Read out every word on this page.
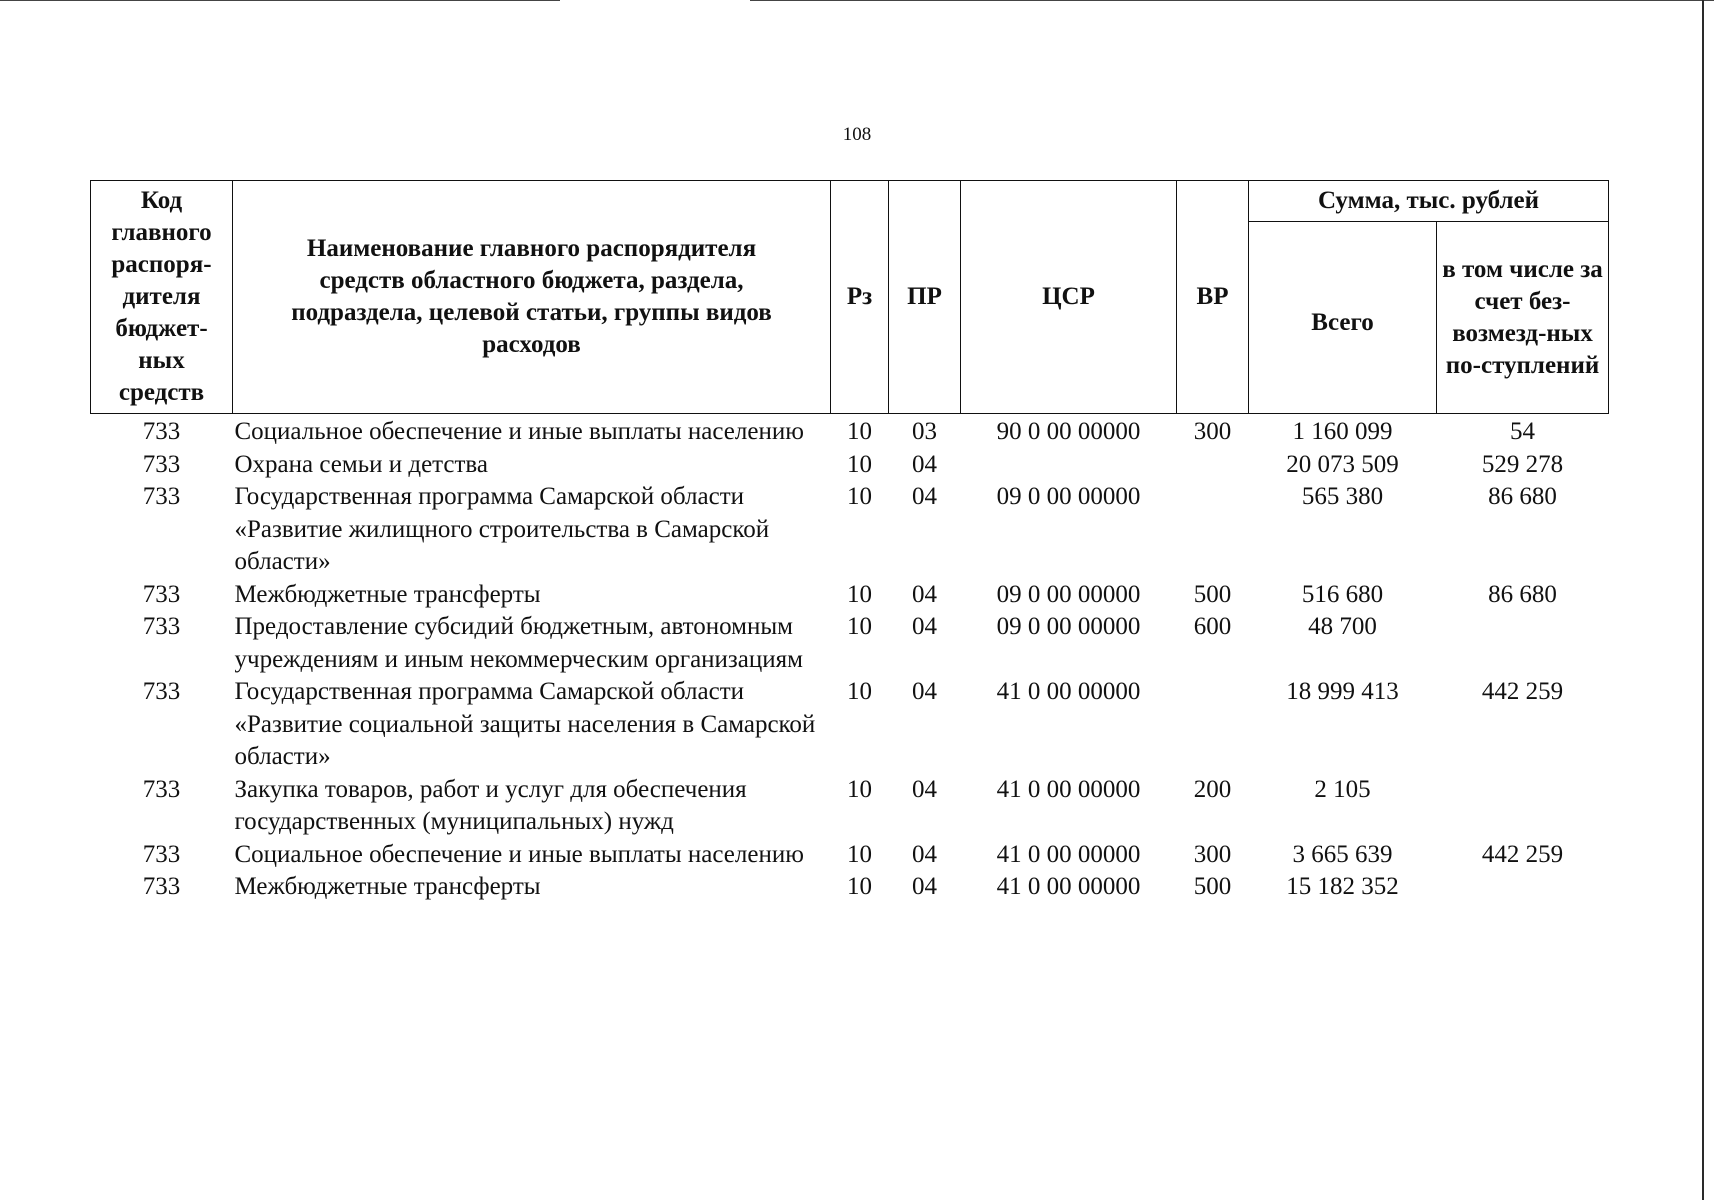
108
Код главного распоря-дителя бюджет-ных средств	Наименование главного распорядителя средств областного бюджета, раздела, подраздела, целевой статьи, группы видов расходов	Рз	ПР	ЦСР	ВР	Сумма, тыс. рублей	
						Всего	в том числе за счет без-возмезд-ных по-ступлений
733	Социальное обеспечение и иные выплаты населению	10	03	90 0 00 00000	300	1 160 099	54
733	Охрана семьи и детства	10	04			20 073 509	529 278
733	Государственная программа Самарской области «Развитие жилищного строительства в Самарской области»	10	04	09 0 00 00000		565 380	86 680
733	Межбюджетные трансферты	10	04	09 0 00 00000	500	516 680	86 680
733	Предоставление субсидий бюджетным, автономным учреждениям и иным некоммерческим организациям	10	04	09 0 00 00000	600	48 700	
733	Государственная программа Самарской области «Развитие социальной защиты населения в Самарской области»	10	04	41 0 00 00000		18 999 413	442 259
733	Закупка товаров, работ и услуг для обеспечения государственных (муниципальных) нужд	10	04	41 0 00 00000	200	2 105	
733	Социальное обеспечение и иные выплаты населению	10	04	41 0 00 00000	300	3 665 639	442 259
733	Межбюджетные трансферты	10	04	41 0 00 00000	500	15 182 352	
